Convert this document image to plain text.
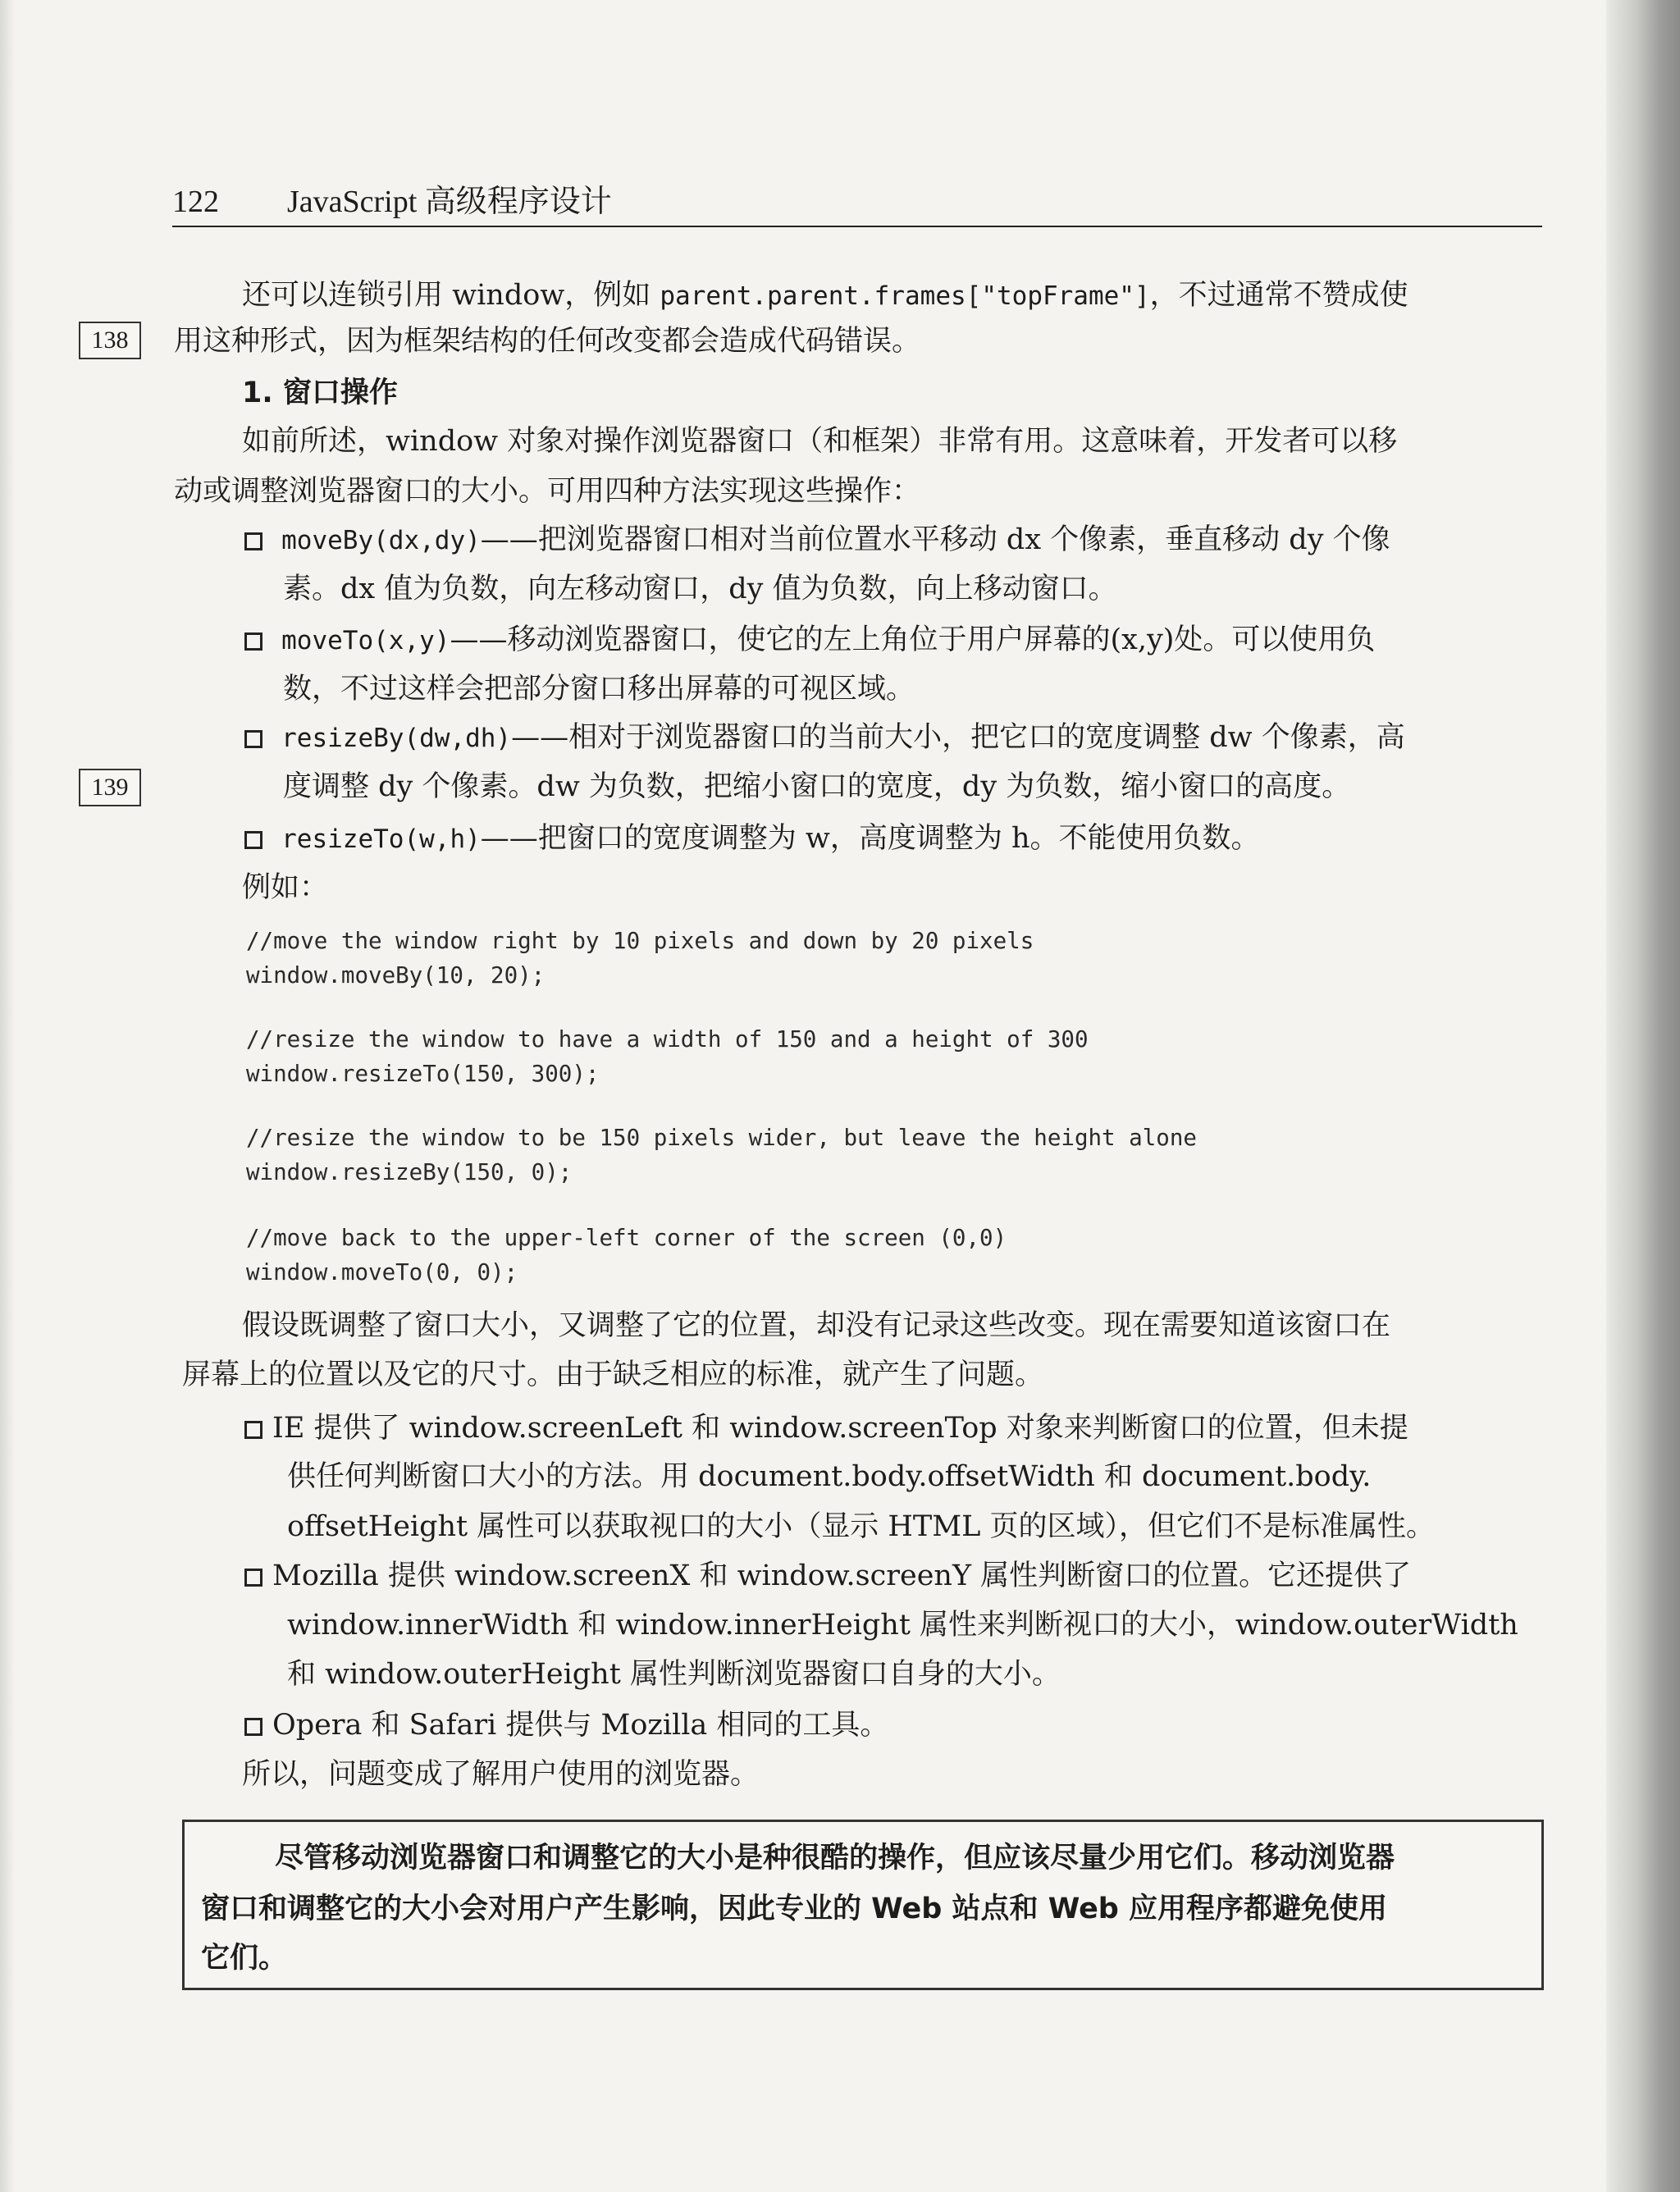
122 JavaScript 高级程序设计
138
139
还可以连锁引用 window，例如 parent.parent.frames["topFrame"]，不过通常不赞成使
用这种形式，因为框架结构的任何改变都会造成代码错误。
1. 窗口操作
如前所述，window 对象对操作浏览器窗口（和框架）非常有用。这意味着，开发者可以移
动或调整浏览器窗口的大小。可用四种方法实现这些操作：
moveBy(dx,dy)——把浏览器窗口相对当前位置水平移动 dx 个像素，垂直移动 dy 个像
素。dx 值为负数，向左移动窗口，dy 值为负数，向上移动窗口。
moveTo(x,y)——移动浏览器窗口，使它的左上角位于用户屏幕的(x,y)处。可以使用负
数，不过这样会把部分窗口移出屏幕的可视区域。
resizeBy(dw,dh)——相对于浏览器窗口的当前大小，把它口的宽度调整 dw 个像素，高
度调整 dy 个像素。dw 为负数，把缩小窗口的宽度，dy 为负数，缩小窗口的高度。
resizeTo(w,h)——把窗口的宽度调整为 w，高度调整为 h。不能使用负数。
例如：
//move the window right by 10 pixels and down by 20 pixels
window.moveBy(10, 20);
//resize the window to have a width of 150 and a height of 300
window.resizeTo(150, 300);
//resize the window to be 150 pixels wider, but leave the height alone
window.resizeBy(150, 0);
//move back to the upper-left corner of the screen (0,0)
window.moveTo(0, 0);
假设既调整了窗口大小，又调整了它的位置，却没有记录这些改变。现在需要知道该窗口在
屏幕上的位置以及它的尺寸。由于缺乏相应的标准，就产生了问题。
IE 提供了 window.screenLeft 和 window.screenTop 对象来判断窗口的位置，但未提
供任何判断窗口大小的方法。用 document.body.offsetWidth 和 document.body.
offsetHeight 属性可以获取视口的大小（显示 HTML 页的区域），但它们不是标准属性。
Mozilla 提供 window.screenX 和 window.screenY 属性判断窗口的位置。它还提供了
window.innerWidth 和 window.innerHeight 属性来判断视口的大小，window.outerWidth
和 window.outerHeight 属性判断浏览器窗口自身的大小。
Opera 和 Safari 提供与 Mozilla 相同的工具。
所以，问题变成了解用户使用的浏览器。
尽管移动浏览器窗口和调整它的大小是种很酷的操作，但应该尽量少用它们。移动浏览器
窗口和调整它的大小会对用户产生影响，因此专业的 Web 站点和 Web 应用程序都避免使用
它们。
